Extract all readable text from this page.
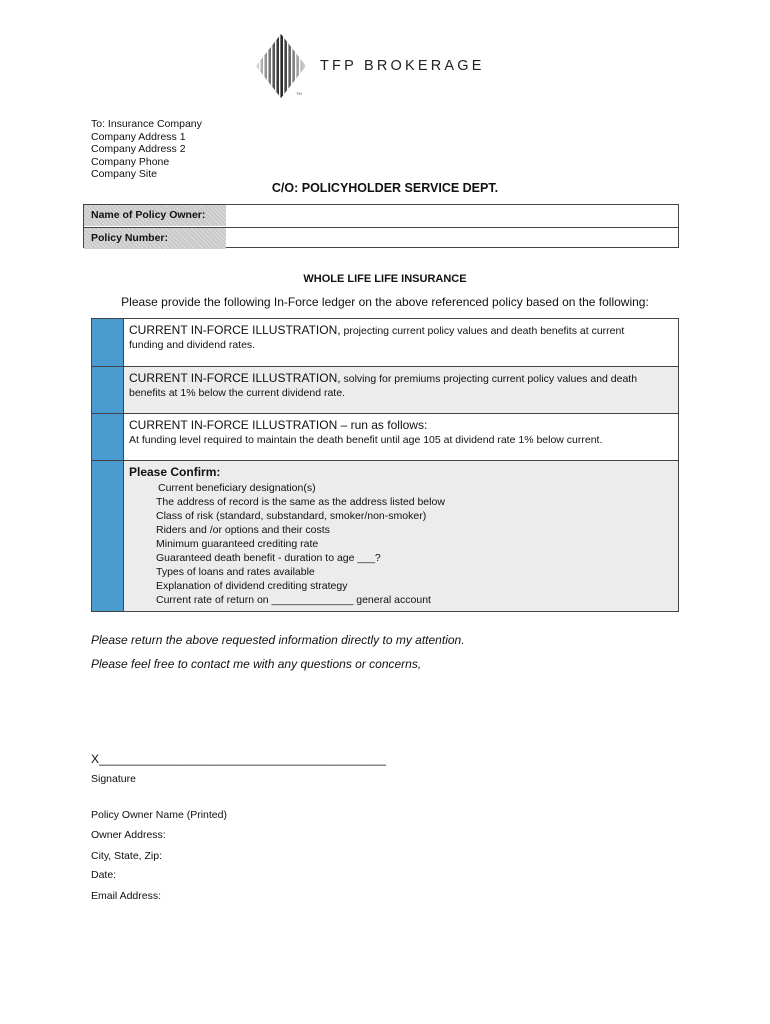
TFP BROKERAGE
TM
To: Insurance Company
Company Address 1
Company Address 2
Company Phone
Company Site
C/O: POLICYHOLDER SERVICE DEPT.
Name of Policy Owner:
Policy Number:
WHOLE LIFE LIFE INSURANCE
Please provide the following In-Force ledger on the above referenced policy based on the following:
CURRENT IN-FORCE ILLUSTRATION, projecting current policy values and death benefits at current
funding and dividend rates.
CURRENT IN-FORCE ILLUSTRATION, solving for premiums projecting current policy values and death
benefits at 1% below the current dividend rate.
CURRENT IN-FORCE ILLUSTRATION – run as follows:
At funding level required to maintain the death benefit until age 105 at dividend rate 1% below current.
Please Confirm:
Current beneficiary designation(s)
The address of record is the same as the address listed below
Class of risk (standard, substandard, smoker/non-smoker)
Riders and /or options and their costs
Minimum guaranteed crediting rate
Guaranteed death benefit - duration to age ___?
Types of loans and rates available
Explanation of dividend crediting strategy
Current rate of return on ______________ general account
Please return the above requested information directly to my attention.
Please feel free to contact me with any questions or concerns,
X___________________________________________
Signature
Policy Owner Name (Printed)
Owner Address:
City, State, Zip:
Date:
Email Address:
